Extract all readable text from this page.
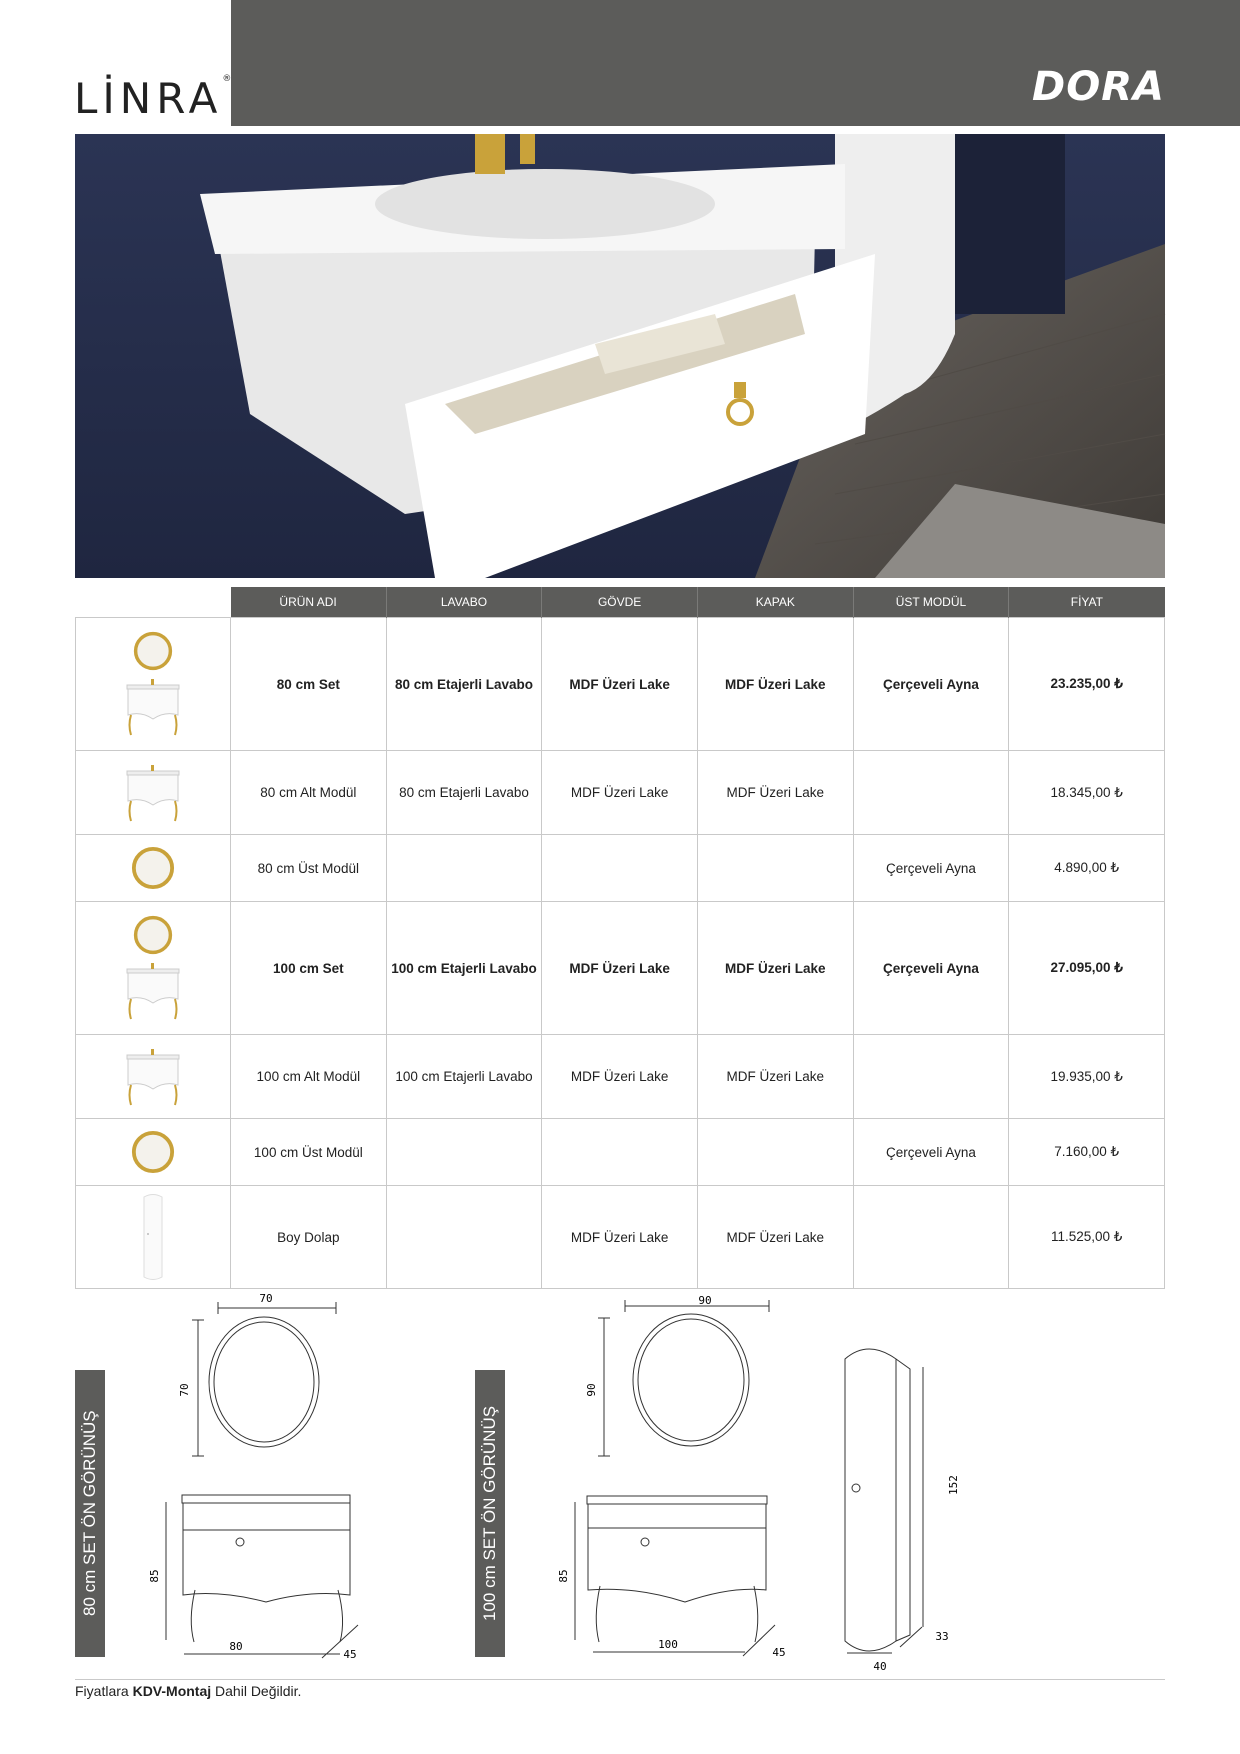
LİNRA®	DORA
	ÜRÜN ADI	LAVABO	GÖVDE	KAPAK	ÜST MODÜL	FİYAT

	80 cm Set	80 cm Etajerli Lavabo	MDF Üzeri Lake	MDF Üzeri Lake	Çerçeveli Ayna	23.235,00 ₺

	80 cm Alt Modül	80 cm Etajerli Lavabo	MDF Üzeri Lake	MDF Üzeri Lake		18.345,00 ₺

	80 cm Üst Modül				Çerçeveli Ayna	4.890,00 ₺

	100 cm Set	100 cm Etajerli Lavabo	MDF Üzeri Lake	MDF Üzeri Lake	Çerçeveli Ayna	27.095,00 ₺

	100 cm Alt Modül	100 cm Etajerli Lavabo	MDF Üzeri Lake	MDF Üzeri Lake		19.935,00 ₺

	100 cm Üst Modül				Çerçeveli Ayna	7.160,00 ₺

	Boy Dolap		MDF Üzeri Lake	MDF Üzeri Lake		11.525,00 ₺
80 cm SET ÖN GÖRÜNÜŞ
70
70
85
80
45
100 cm SET ÖN GÖRÜNÜŞ
90
90
85
100
45
152
40
33
Fiyatlara KDV-Montaj Dahil Değildir.
